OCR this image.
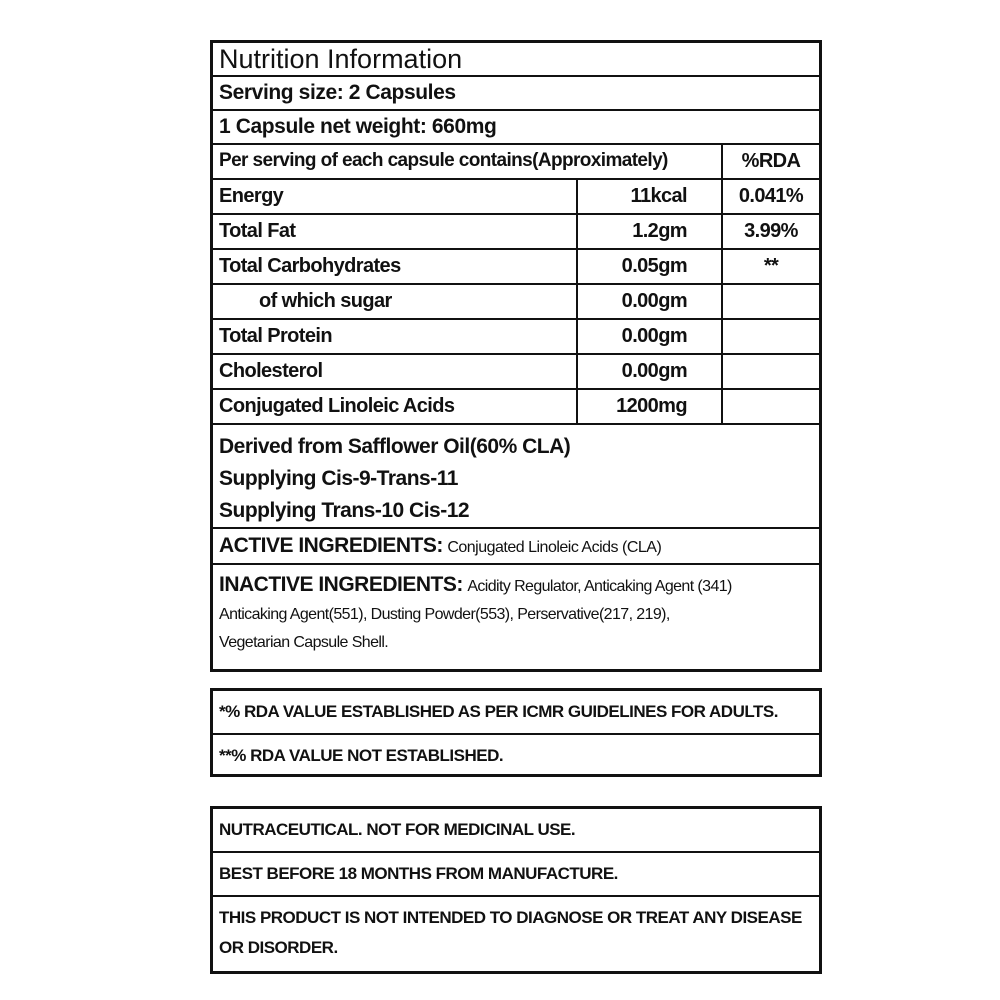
Nutrition Information
Serving size: 2 Capsules
1 Capsule net weight: 660mg
Per serving of each capsule contains(Approximately)	%RDA
Energy	11kcal	0.041%
Total Fat	1.2gm	3.99%
Total Carbohydrates	0.05gm	**
of which sugar	0.00gm
Total Protein	0.00gm
Cholesterol	0.00gm
Conjugated Linoleic Acids	1200mg
Derived from Safflower Oil(60% CLA)
Supplying Cis-9-Trans-11
Supplying Trans-10 Cis-12
ACTIVE INGREDIENTS: Conjugated Linoleic Acids (CLA)

INACTIVE INGREDIENTS: Acidity Regulator, Anticaking Agent (341)

Anticaking Agent(551), Dusting Powder(553), Perservative(217, 219),

Vegetarian Capsule Shell.

*% RDA VALUE ESTABLISHED AS PER ICMR GUIDELINES FOR ADULTS.
**% RDA VALUE NOT ESTABLISHED.
NUTRACEUTICAL. NOT FOR MEDICINAL USE.
BEST BEFORE 18 MONTHS FROM MANUFACTURE.
THIS PRODUCT IS NOT INTENDED TO DIAGNOSE OR TREAT ANY DISEASE OR DISORDER.
